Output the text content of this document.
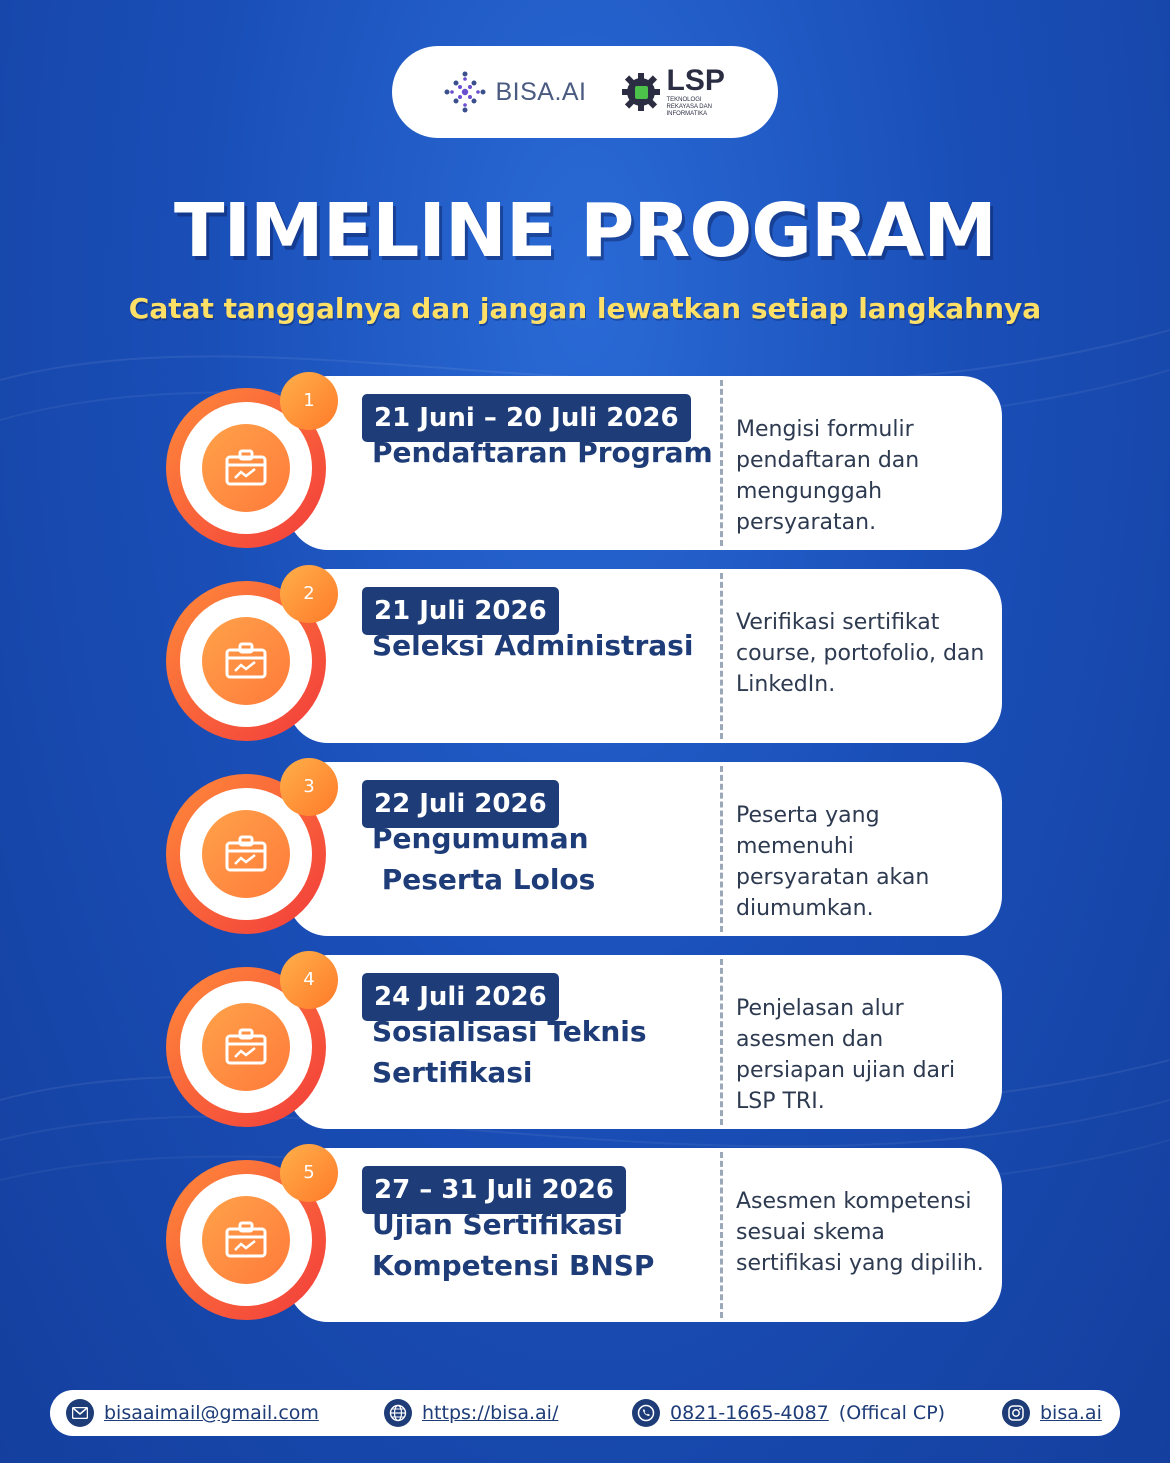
BISA.AI	LSP
TEKNOLOGI REKAYASA DAN INFORMATIKA
TIMELINE PROGRAM
Catat tanggalnya dan jangan lewatkan setiap langkahnya
21 Juni – 20 Juli 2026
Pendaftaran Program
Mengisi formulir
pendaftaran dan
mengunggah
persyaratan.
1
21 Juli 2026
Seleksi Administrasi
Verifikasi sertifikat
course, portofolio, dan
LinkedIn.
2
22 Juli 2026
Pengumuman
Peserta Lolos
Peserta yang
memenuhi
persyaratan akan
diumumkan.
3
24 Juli 2026
Sosialisasi Teknis
Sertifikasi
Penjelasan alur
asesmen dan
persiapan ujian dari
LSP TRI.
4
27 – 31 Juli 2026
Ujian Sertifikasi
Kompetensi BNSP
Asesmen kompetensi
sesuai skema
sertifikasi yang dipilih.
5
bisaaimail@gmail.com	https://bisa.ai/	0821-1665-4087 (Offical CP)	bisa.ai
